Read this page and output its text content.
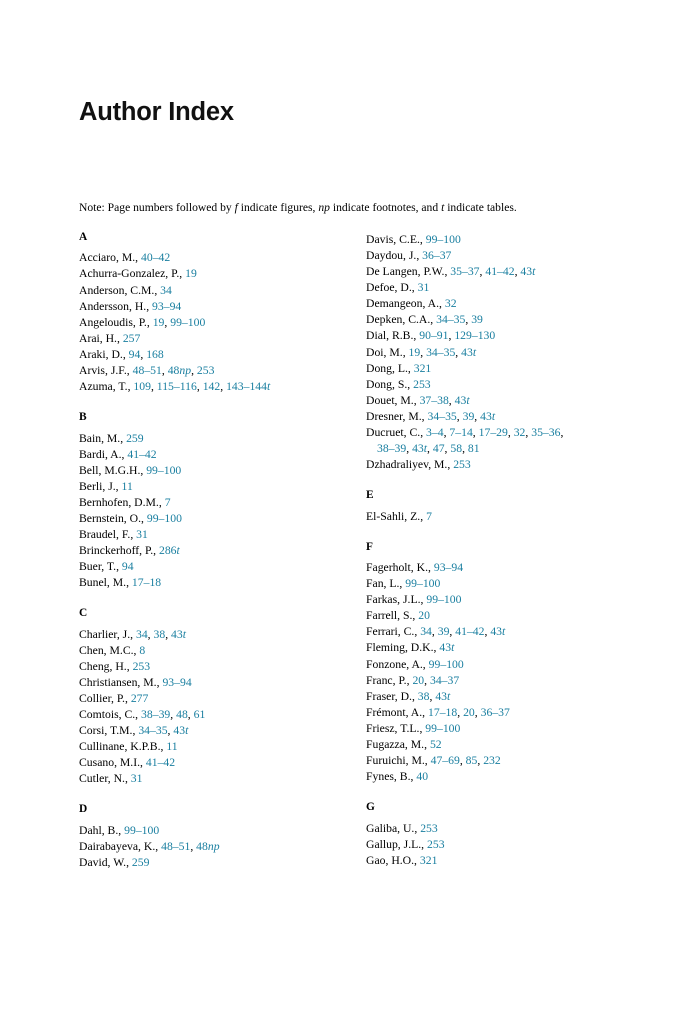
Author Index
Note: Page numbers followed by f indicate figures, np indicate footnotes, and t indicate tables.
A
Acciaro, M., 40–42
Achurra-Gonzalez, P., 19
Anderson, C.M., 34
Andersson, H., 93–94
Angeloudis, P., 19, 99–100
Arai, H., 257
Araki, D., 94, 168
Arvis, J.F., 48–51, 48np, 253
Azuma, T., 109, 115–116, 142, 143–144t
B
Bain, M., 259
Bardi, A., 41–42
Bell, M.G.H., 99–100
Berli, J., 11
Bernhofen, D.M., 7
Bernstein, O., 99–100
Braudel, F., 31
Brinckerhoff, P., 286t
Buer, T., 94
Bunel, M., 17–18
C
Charlier, J., 34, 38, 43t
Chen, M.C., 8
Cheng, H., 253
Christiansen, M., 93–94
Collier, P., 277
Comtois, C., 38–39, 48, 61
Corsi, T.M., 34–35, 43t
Cullinane, K.P.B., 11
Cusano, M.I., 41–42
Cutler, N., 31
D
Dahl, B., 99–100
Dairabayeva, K., 48–51, 48np
David, W., 259
Davis, C.E., 99–100
Daydou, J., 36–37
De Langen, P.W., 35–37, 41–42, 43t
Defoe, D., 31
Demangeon, A., 32
Depken, C.A., 34–35, 39
Dial, R.B., 90–91, 129–130
Doi, M., 19, 34–35, 43t
Dong, L., 321
Dong, S., 253
Douet, M., 37–38, 43t
Dresner, M., 34–35, 39, 43t
Ducruet, C., 3–4, 7–14, 17–29, 32, 35–36,
38–39, 43t, 47, 58, 81
Dzhadraliyev, M., 253
E
El-Sahli, Z., 7
F
Fagerholt, K., 93–94
Fan, L., 99–100
Farkas, J.L., 99–100
Farrell, S., 20
Ferrari, C., 34, 39, 41–42, 43t
Fleming, D.K., 43t
Fonzone, A., 99–100
Franc, P., 20, 34–37
Fraser, D., 38, 43t
Frémont, A., 17–18, 20, 36–37
Friesz, T.L., 99–100
Fugazza, M., 52
Furuichi, M., 47–69, 85, 232
Fynes, B., 40
G
Galiba, U., 253
Gallup, J.L., 253
Gao, H.O., 321
